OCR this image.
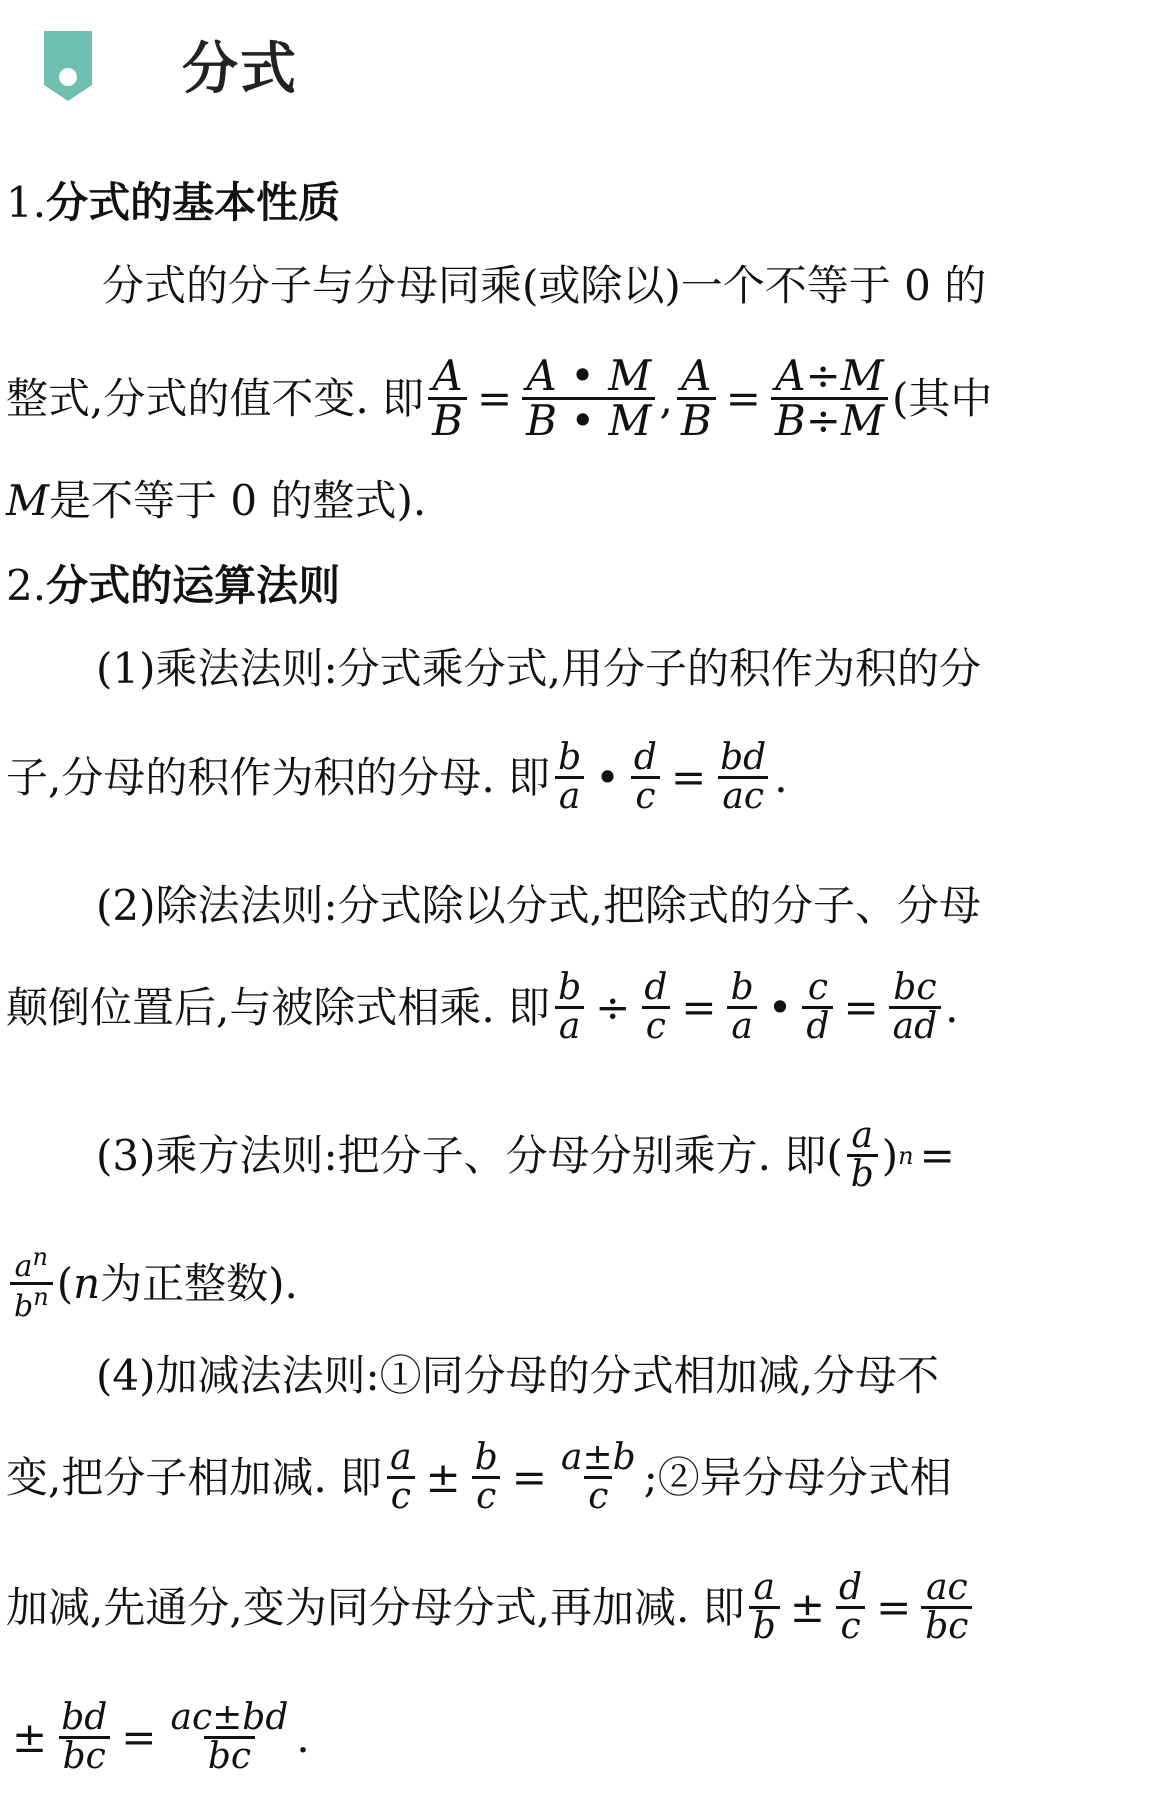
分式
1. 分式的基本性质
分式的分子与分母同乘(或除以)一个不等于 0 的
整式,分式的值不变. 即 $\frac{A}{B} = \frac{A • M}{B • M}$ , $\frac{A}{B} = \frac{A\div M}{B\div M}$ (其中
M 是不等于 0 的整式).
2. 分式的运算法则
(1)乘法法则:分式乘分式,用分子的积作为积的分
子,分母的积作为积的分母. 即 $\frac{b}{a}$ • $\frac{d}{c} = \frac{bd}{ac}$ .
(2)除法法则:分式除以分式,把除式的分子、分母
颠倒位置后,与被除式相乘. 即 $\frac{b}{a} \div \frac{d}{c} = \frac{b}{a}$ • $\frac{c}{d} = \frac{bc}{ad}$ .
(3)乘方法则:把分子、分母分别乘方. 即( $\frac{a}{b}$ ) n =
$\frac{a^n}{b^n}$ ( n 为正整数).
(4)加减法法则:①同分母的分式相加减,分母不
变,把分子相加减. 即 $\frac{a}{c} \pm \frac{b}{c} = \frac{a\pm b}{c}$ ;②异分母分式相
加减,先通分,变为同分母分式,再加减. 即 $\frac{a}{b} \pm \frac{d}{c} = \frac{ac}{bc}$
± $\frac{bd}{bc} = \frac{ac\pm bd}{bc}$ .
